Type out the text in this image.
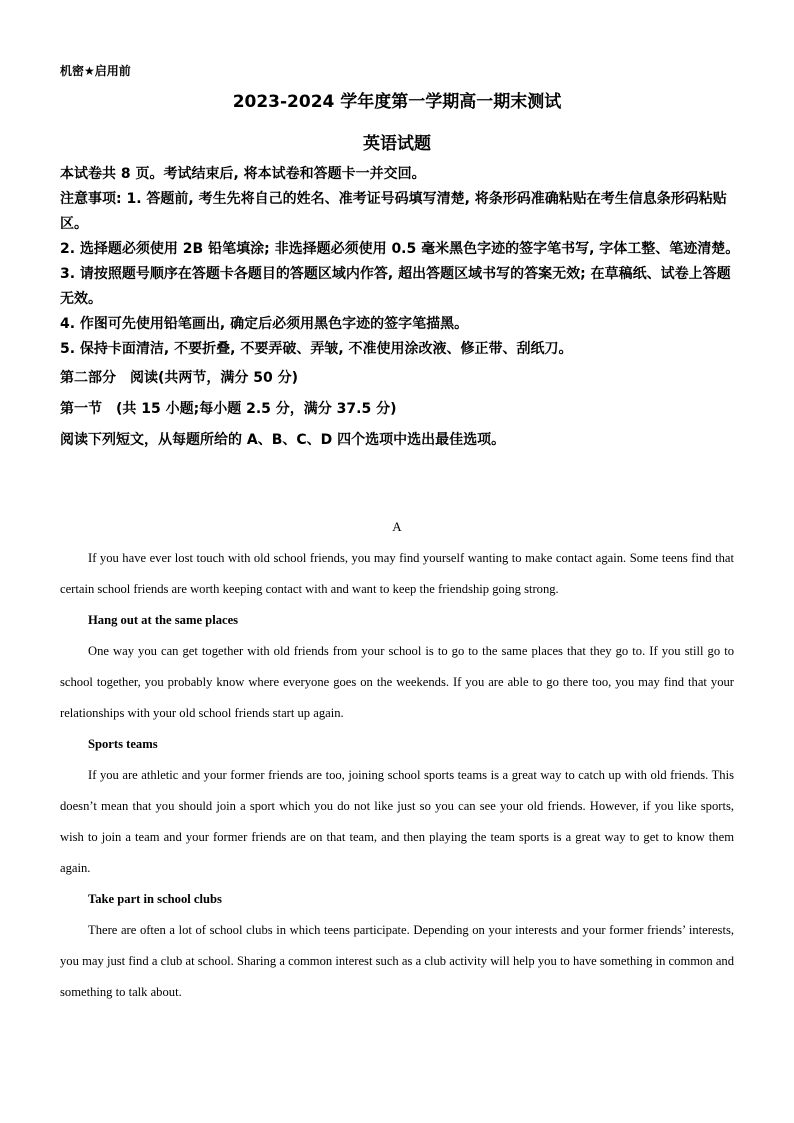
机密★启用前
2023-2024 学年度第一学期高一期末测试
英语试题

本试卷共 8 页。考试结束后, 将本试卷和答题卡一并交回。

注意事项: 1. 答题前, 考生先将自己的姓名、准考证号码填写清楚, 将条形码准确粘贴在考生信息条形码粘贴区。

2. 选择题必须使用 2B 铅笔填涂; 非选择题必须使用 0.5 毫米黑色字迹的签字笔书写, 字体工整、笔迹清楚。

3. 请按照题号顺序在答题卡各题目的答题区域内作答, 超出答题区域书写的答案无效; 在草稿纸、试卷上答题无效。

4. 作图可先使用铅笔画出, 确定后必须用黑色字迹的签字笔描黑。

5. 保持卡面清洁, 不要折叠, 不要弄破、弄皱, 不准使用涂改液、修正带、刮纸刀。

第二部分　阅读(共两节，满分 50 分)

第一节　(共 15 小题;每小题 2.5 分，满分 37.5 分)

阅读下列短文，从每题所给的 A、B、C、D 四个选项中选出最佳选项。

A

If you have ever lost touch with old school friends, you may find yourself wanting to make contact again. Some teens find that certain school friends are worth keeping contact with and want to keep the friendship going strong.

Hang out at the same places

One way you can get together with old friends from your school is to go to the same places that they go to. If you still go to school together, you probably know where everyone goes on the weekends. If you are able to go there too, you may find that your relationships with your old school friends start up again.

Sports teams

If you are athletic and your former friends are too, joining school sports teams is a great way to catch up with old friends. This doesn’t mean that you should join a sport which you do not like just so you can see your old friends. However, if you like sports, wish to join a team and your former friends are on that team, and then playing the team sports is a great way to get to know them again.

Take part in school clubs

There are often a lot of school clubs in which teens participate. Depending on your interests and your former friends’ interests, you may just find a club at school. Sharing a common interest such as a club activity will help you to have something in common and something to talk about.
